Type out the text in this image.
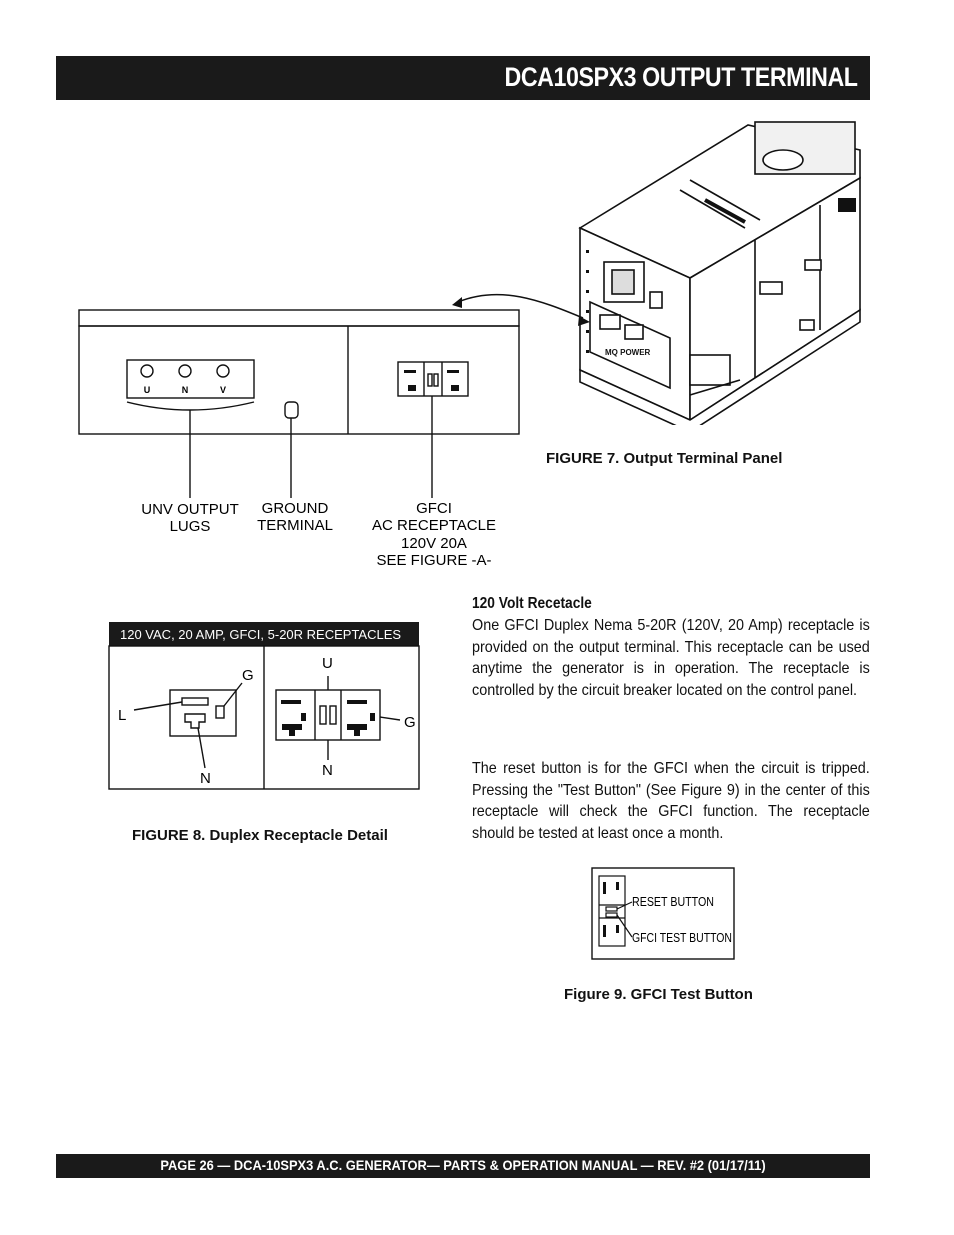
DCA10SPX3 OUTPUT TERMINAL
MQ POWER
U	N	V
UNV OUTPUT
LUGS
GROUND
TERMINAL
GFCI
AC RECEPTACLE
120V 20A
SEE FIGURE -A-
FIGURE 7. Output Terminal Panel
120 VAC, 20 AMP, GFCI, 5-20R RECEPTACLES
L
G
N
U
G
N
FIGURE 8. Duplex Receptacle Detail
120 Volt Recetacle
One GFCI Duplex Nema 5-20R (120V, 20 Amp) receptacle is provided on the output terminal. This receptacle can be used anytime the generator is in operation. The receptacle is controlled by the circuit breaker located on the control panel.
The reset button is for the GFCI when the circuit is tripped. Pressing the "Test Button" (See Figure 9) in the center of this receptacle will check the GFCI function. The receptacle should be tested at least once a month.
RESET BUTTON
GFCI TEST BUTTON
Figure 9. GFCI Test Button
PAGE 26 — DCA-10SPX3 A.C. GENERATOR— PARTS & OPERATION MANUAL — REV. #2 (01/17/11)
